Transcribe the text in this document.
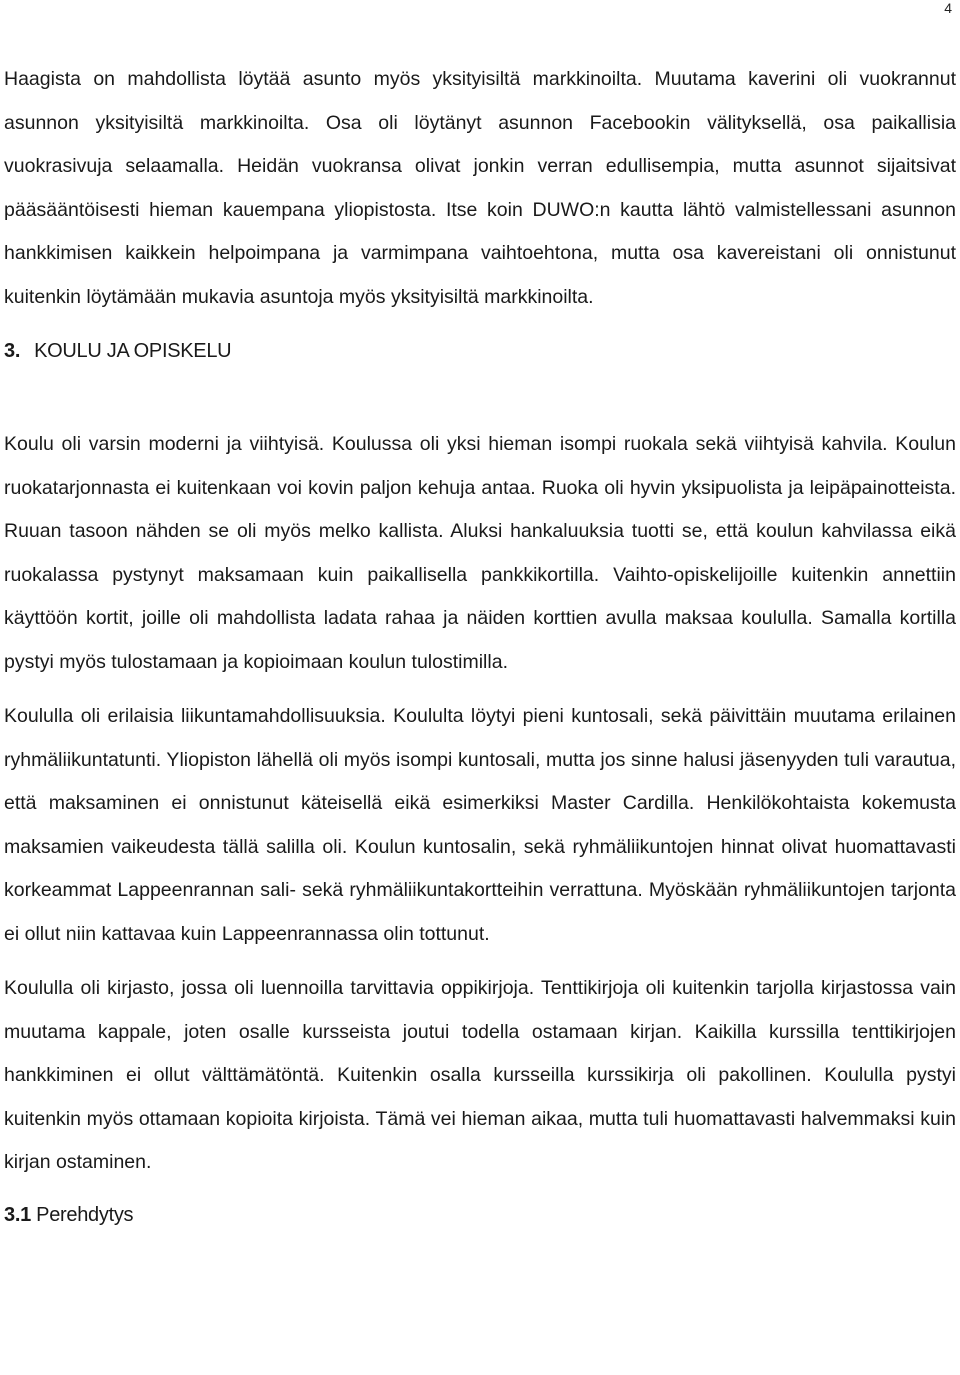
4

Haagista on mahdollista löytää asunto myös yksityisiltä markkinoilta. Muutama kaverini oli vuokrannut asunnon yksityisiltä markkinoilta. Osa oli löytänyt asunnon Facebookin välityksellä, osa paikallisia vuokrasivuja selaamalla. Heidän vuokransa olivat jonkin verran edullisempia, mutta asunnot sijaitsivat pääsääntöisesti hieman kauempana yliopistosta. Itse koin DUWO:n kautta lähtö valmistellessani asunnon hankkimisen kaikkein helpoimpana ja varmimpana vaihtoehtona, mutta osa kavereistani oli onnistunut kuitenkin löytämään mukavia asuntoja myös yksityisiltä markkinoilta.

3. KOULU JA OPISKELU

Koulu oli varsin moderni ja viihtyisä. Koulussa oli yksi hieman isompi ruokala sekä viihtyisä kahvila. Koulun ruokatarjonnasta ei kuitenkaan voi kovin paljon kehuja antaa. Ruoka oli hyvin yksipuolista ja leipäpainotteista. Ruuan tasoon nähden se oli myös melko kallista. Aluksi hankaluuksia tuotti se, että koulun kahvilassa eikä ruokalassa pystynyt maksamaan kuin paikallisella pankkikortilla. Vaihto-opiskelijoille kuitenkin annettiin käyttöön kortit, joille oli mahdollista ladata rahaa ja näiden korttien avulla maksaa koululla. Samalla kortilla pystyi myös tulostamaan ja kopioimaan koulun tulostimilla.

Koululla oli erilaisia liikuntamahdollisuuksia. Koululta löytyi pieni kuntosali, sekä päivittäin muutama erilainen ryhmäliikuntatunti. Yliopiston lähellä oli myös isompi kuntosali, mutta jos sinne halusi jäsenyyden tuli varautua, että maksaminen ei onnistunut käteisellä eikä esimerkiksi Master Cardilla. Henkilökohtaista kokemusta maksamien vaikeudesta tällä salilla oli. Koulun kuntosalin, sekä ryhmäliikuntojen hinnat olivat huomattavasti korkeammat Lappeenrannan sali- sekä ryhmäliikuntakortteihin verrattuna. Myöskään ryhmäliikuntojen tarjonta ei ollut niin kattavaa kuin Lappeenrannassa olin tottunut.

Koululla oli kirjasto, jossa oli luennoilla tarvittavia oppikirjoja. Tenttikirjoja oli kuitenkin tarjolla kirjastossa vain muutama kappale, joten osalle kursseista joutui todella ostamaan kirjan. Kaikilla kurssilla tenttikirjojen hankkiminen ei ollut välttämätöntä. Kuitenkin osalla kursseilla kurssikirja oli pakollinen. Koululla pystyi kuitenkin myös ottamaan kopioita kirjoista. Tämä vei hieman aikaa, mutta tuli huomattavasti halvemmaksi kuin kirjan ostaminen.

3.1 Perehdytys
